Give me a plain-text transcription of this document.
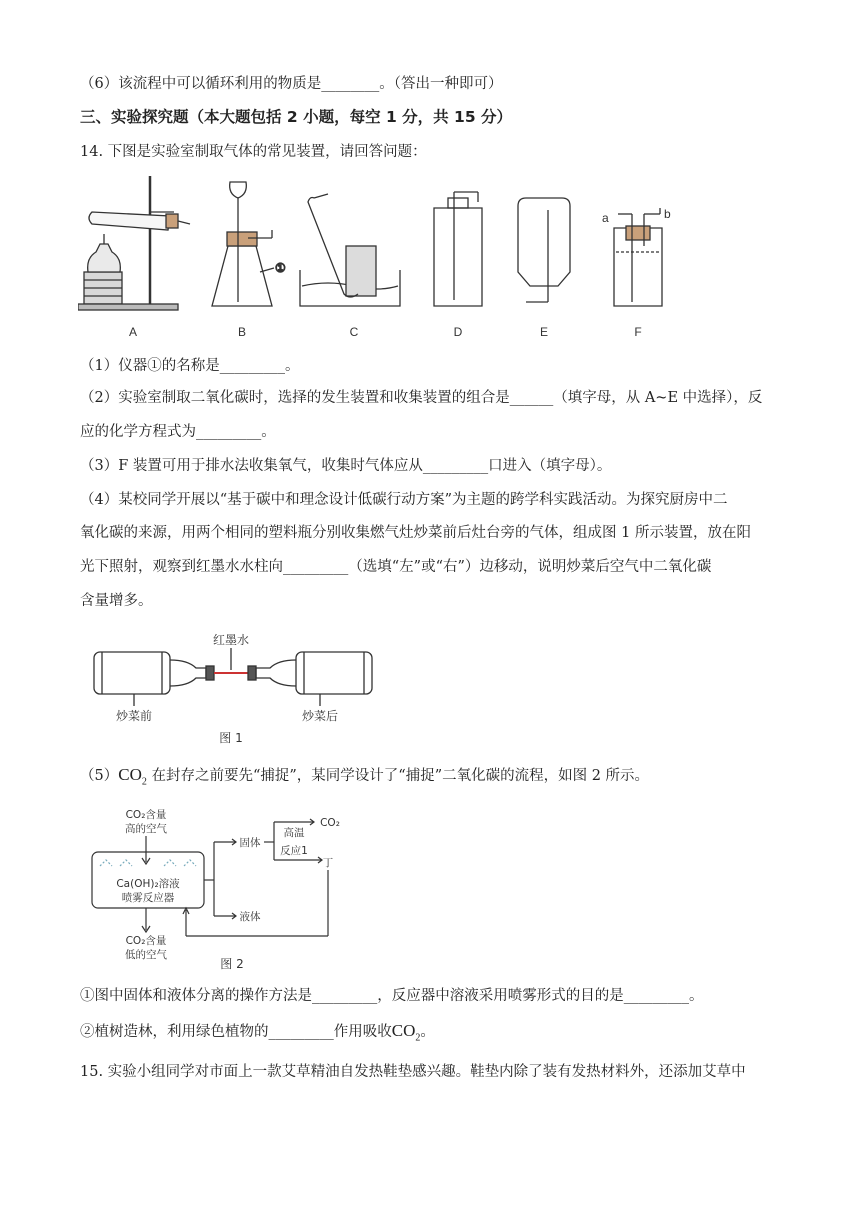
（6）该流程中可以循环利用的物质是________。（答出一种即可）
三、实验探究题（本大题包括 2 小题，每空 1 分，共 15 分）
14. 下图是实验室制取气体的常见装置，请回答问题：
①
a	b
A	B	C	D	E	F
（1）仪器①的名称是_________。
（2）实验室制取二氧化碳时，选择的发生装置和收集装置的组合是______（填字母，从 A~E 中选择），反
应的化学方程式为_________。
（3）F 装置可用于排水法收集氧气，收集时气体应从_________口进入（填字母）。
（4）某校同学开展以“基于碳中和理念设计低碳行动方案”为主题的跨学科实践活动。为探究厨房中二
氧化碳的来源，用两个相同的塑料瓶分别收集燃气灶炒菜前后灶台旁的气体，组成图 1 所示装置，放在阳
光下照射，观察到红墨水水柱向_________（选填“左”或“右”）边移动，说明炒菜后空气中二氧化碳
含量增多。
红墨水
炒菜前	炒菜后
图 1
$(5)CO_2$ 在封存之前要先“捕捉”，某同学设计了“捕捉”二氧化碳的流程，如图 2 所示。
CO₂含量
高的空气
Ca(OH)₂溶液
喷雾反应器
固体
液体
高温
反应1
CO₂
丁
CO₂含量
低的空气
图 2
①图中固体和液体分离的操作方法是_________，反应器中溶液采用喷雾形式的目的是_________。
②植树造林，利用绿色植物的_________作用吸收$CO_2$。
15. 实验小组同学对市面上一款艾草精油自发热鞋垫感兴趣。鞋垫内除了装有发热材料外，还添加艾草中
